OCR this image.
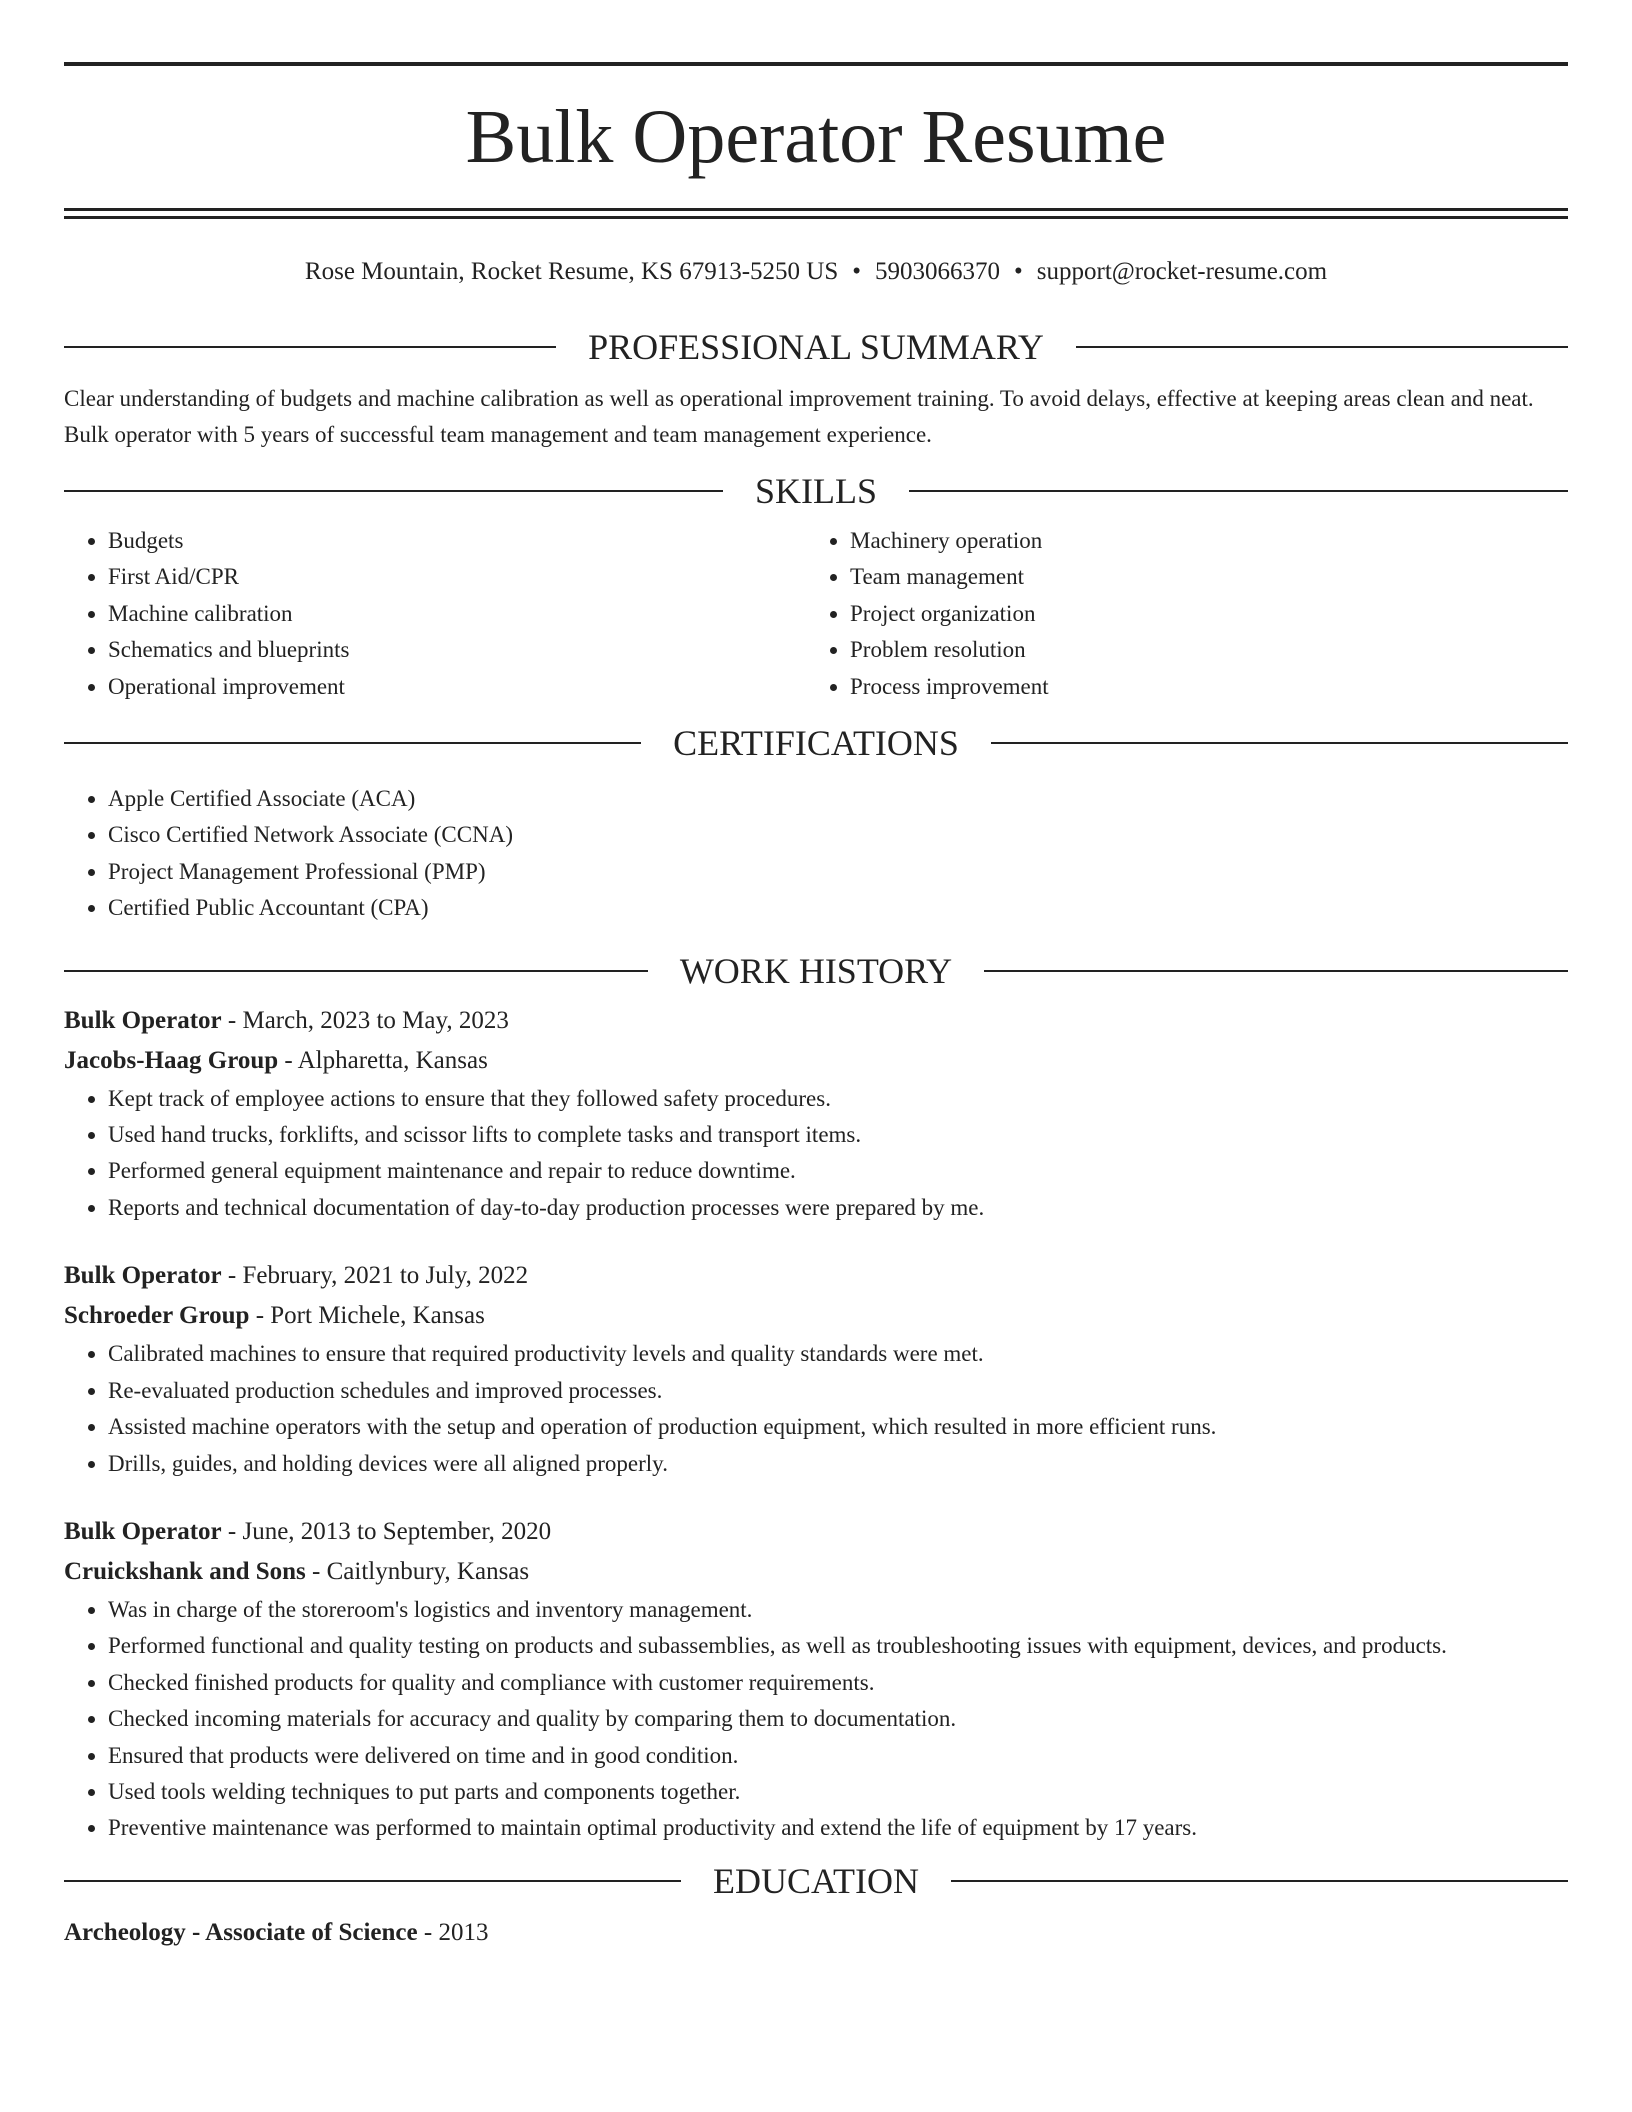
Bulk Operator Resume
Rose Mountain, Rocket Resume, KS 67913-5250 US • 5903066370 • support@rocket-resume.com
PROFESSIONAL SUMMARY
Clear understanding of budgets and machine calibration as well as operational improvement training. To avoid delays, effective at keeping areas clean and neat. Bulk operator with 5 years of successful team management and team management experience.
SKILLS
• Budgets
• First Aid/CPR
• Machine calibration
• Schematics and blueprints
• Operational improvement
• Machinery operation
• Team management
• Project organization
• Problem resolution
• Process improvement
CERTIFICATIONS
• Apple Certified Associate (ACA)
• Cisco Certified Network Associate (CCNA)
• Project Management Professional (PMP)
• Certified Public Accountant (CPA)
WORK HISTORY
Bulk Operator - March, 2023 to May, 2023
Jacobs-Haag Group - Alpharetta, Kansas
• Kept track of employee actions to ensure that they followed safety procedures.
• Used hand trucks, forklifts, and scissor lifts to complete tasks and transport items.
• Performed general equipment maintenance and repair to reduce downtime.
• Reports and technical documentation of day-to-day production processes were prepared by me.
Bulk Operator - February, 2021 to July, 2022
Schroeder Group - Port Michele, Kansas
• Calibrated machines to ensure that required productivity levels and quality standards were met.
• Re-evaluated production schedules and improved processes.
• Assisted machine operators with the setup and operation of production equipment, which resulted in more efficient runs.
• Drills, guides, and holding devices were all aligned properly.
Bulk Operator - June, 2013 to September, 2020
Cruickshank and Sons - Caitlynbury, Kansas
• Was in charge of the storeroom's logistics and inventory management.
• Performed functional and quality testing on products and subassemblies, as well as troubleshooting issues with equipment, devices, and products.
• Checked finished products for quality and compliance with customer requirements.
• Checked incoming materials for accuracy and quality by comparing them to documentation.
• Ensured that products were delivered on time and in good condition.
• Used tools welding techniques to put parts and components together.
• Preventive maintenance was performed to maintain optimal productivity and extend the life of equipment by 17 years.
EDUCATION
Archeology - Associate of Science - 2013
